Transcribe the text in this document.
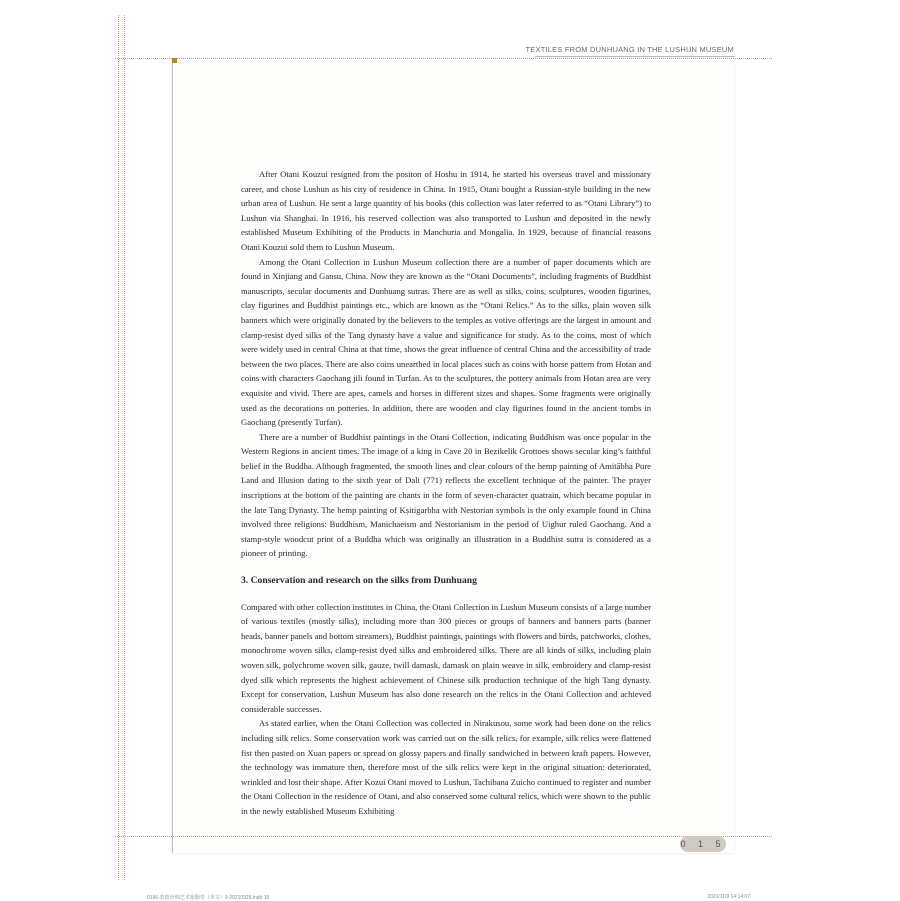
TEXTILES FROM DUNHUANG IN THE LUSHUN MUSEUM

After Otani Kouzui resigned from the positon of Hoshu in 1914, he started his overseas travel and missionary career, and chose Lushun as his city of residence in China. In 1915, Otani bought a Russian-style building in the new urban area of Lushun. He sent a large quantity of his books (this collection was later referred to as “Otani Library”) to Lushun via Shanghai. In 1916, his reserved collection was also transported to Lushun and deposited in the newly established Museum Exhibiting of the Products in Manchuria and Mongalia. In 1929, because of financial reasons Otani Kouzui sold them to Lushun Museum.

Among the Otani Collection in Lushun Museum collection there are a number of paper documents which are found in Xinjiang and Gansu, China. Now they are known as the “Otani Documents”, including fragments of Buddhist manuscripts, secular documents and Dunhuang sutras. There are as well as silks, coins, sculptures, wooden figurines, clay figurines and Buddhist paintings etc., which are known as the “Otani Relics.” As to the silks, plain woven silk banners which were originally donated by the believers to the temples as votive offerings are the largest in amount and clamp-resist dyed silks of the Tang dynasty have a value and significance for study. As to the coins, most of which were widely used in central China at that time, shows the great influence of central China and the accessibility of trade between the two places. There are also coins unearthed in local places such as coins with horse pattern from Hotan and coins with characters Gaochang jili found in Turfan. As to the sculptures, the pottery animals from Hotan area are very exquisite and vivid. There are apes, camels and horses in different sizes and shapes. Some fragments were originally used as the decorations on potteries. In addition, there are wooden and clay figurines found in the ancient tombs in Gaochang (presently Turfan).

There are a number of Buddhist paintings in the Otani Collection, indicating Buddhism was once popular in the Western Regions in ancient times. The image of a king in Cave 20 in Bezikelik Grottoes shows secular king’s faithful belief in the Buddha. Although fragmented, the smooth lines and clear colours of the hemp painting of Amitābha Pure Land and Illusion dating to the sixth year of Dali (771) reflects the excellent technique of the painter. The prayer inscriptions at the bottom of the painting are chants in the form of seven-character quatrain, which became popular in the late Tang Dynasty. The hemp painting of Kṣitigarbha with Nestorian symbols is the only example found in China involved three religions: Buddhism, Manichaeism and Nestorianism in the period of Uighur ruled Gaochang. And a stamp-style woodcut print of a Buddha which was originally an illustration in a Buddhist sutra is considered as a pioneer of printing.

3. Conservation and research on the silks from Dunhuang

Compared with other collection institutes in China, the Otani Collection in Lushun Museum consists of a large number of various textiles (mostly silks), including more than 300 pieces or groups of banners and banners parts (banner heads, banner panels and bottom streamers), Buddhist paintings, paintings with flowers and birds, patchworks, clothes, monochrome woven silks, clamp-resist dyed silks and embroidered silks. There are all kinds of silks, including plain woven silk, polychrome woven silk, gauze, twill damask, damask on plain weave in silk, embroidery and clamp-resist dyed silk which represents the highest achievement of Chinese silk production technique of the high Tang dynasty. Except for conservation, Lushun Museum has also done research on the relics in the Otani Collection and achieved considerable successes.

As stated earlier, when the Otani Collection was collected in Nirakusou, some work had been done on the relics including silk relics. Some conservation work was carried out on the silk relics, for example, silk relics were flattened fist then pasted on Xuan papers or spread on glossy papers and finally sandwiched in between kraft papers. However, the technology was immature then, therefore most of the silk relics were kept in the original situation: deteriorated, wrinkled and lost their shape. After Kozui Otani moved to Lushun, Tachibana Zuicho continued to register and number the Otani Collection in the residence of Otani, and also conserved some cultural relics, which were shown to the public in the newly established Museum Exhibiting

0 1 5
0196-敦煌丝绸艺术旅顺卷（英文）0-20210926.indd 15	2021/11/9 14:14:07
